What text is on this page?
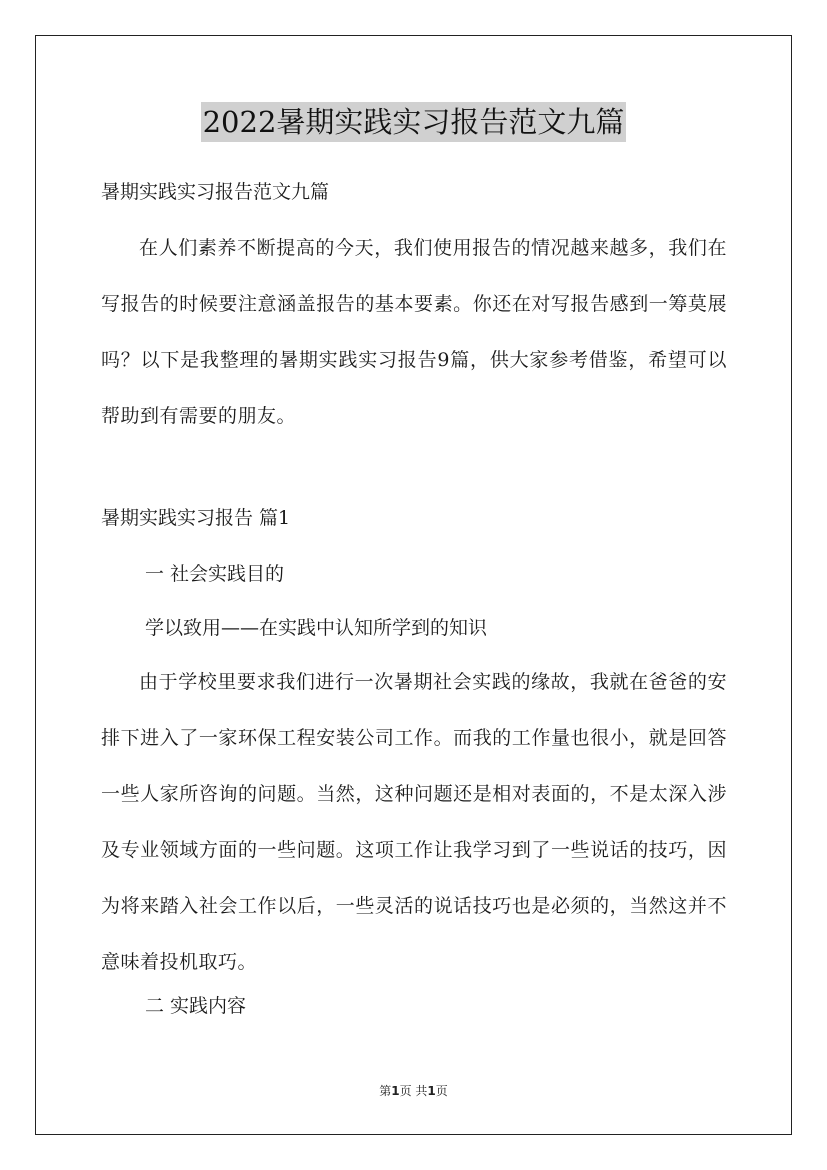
2022暑期实践实习报告范文九篇
暑期实践实习报告范文九篇
在人们素养不断提高的今天，我们使用报告的情况越来越多，我们在写报告的时候要注意涵盖报告的基本要素。你还在对写报告感到一筹莫展吗？以下是我整理的暑期实践实习报告9篇，供大家参考借鉴，希望可以帮助到有需要的朋友。
暑期实践实习报告 篇1
一 社会实践目的
学以致用——在实践中认知所学到的知识
由于学校里要求我们进行一次暑期社会实践的缘故，我就在爸爸的安排下进入了一家环保工程安装公司工作。而我的工作量也很小，就是回答一些人家所咨询的问题。当然，这种问题还是相对表面的，不是太深入涉及专业领域方面的一些问题。这项工作让我学习到了一些说话的技巧，因为将来踏入社会工作以后，一些灵活的说话技巧也是必须的，当然这并不意味着投机取巧。
二 实践内容
第1页 共1页
